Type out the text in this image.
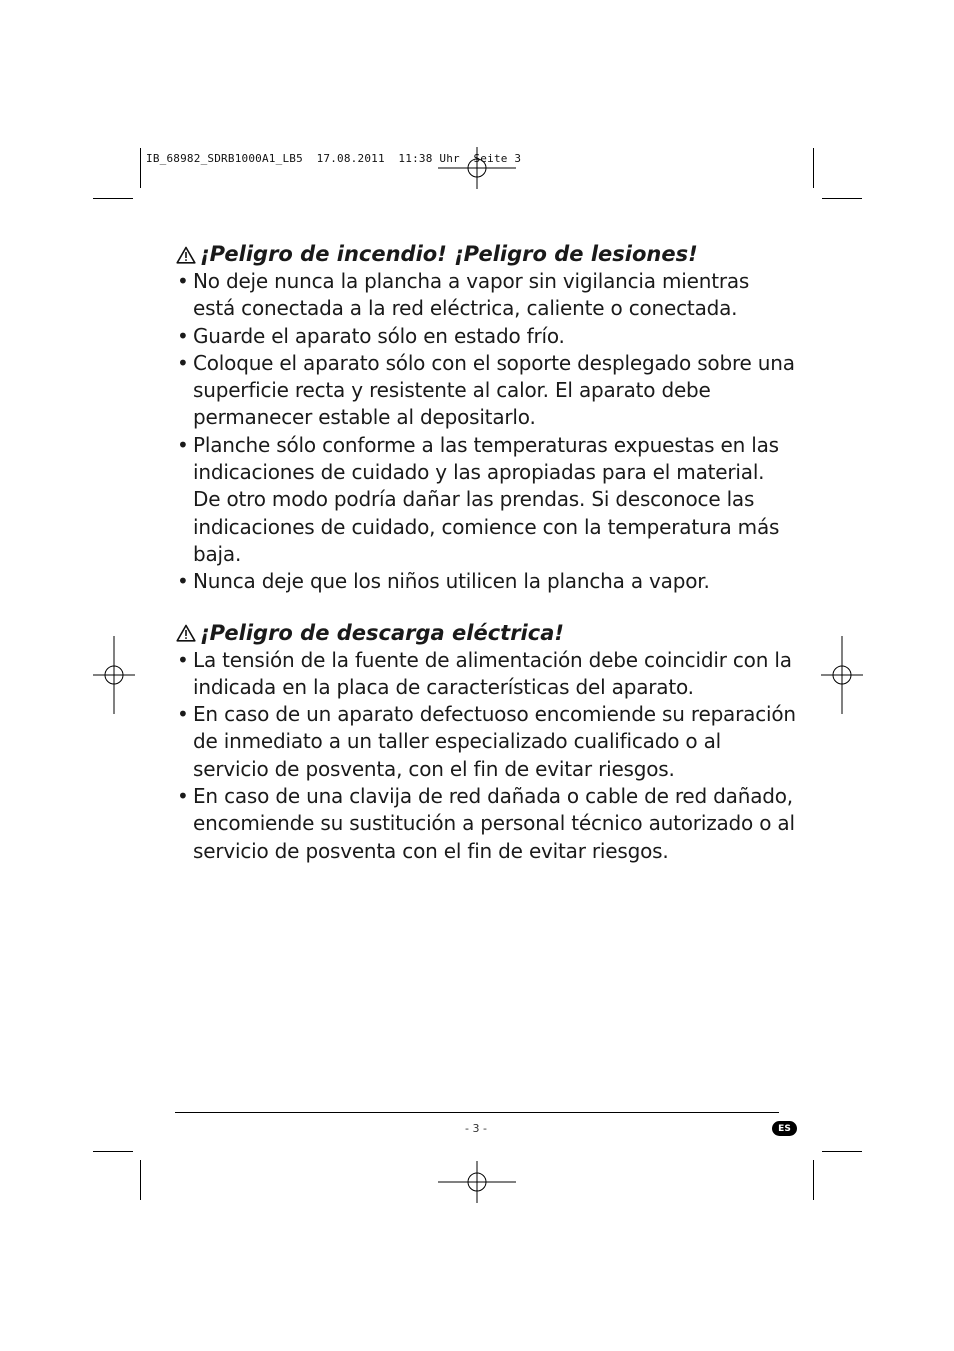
IB_68982_SDRB1000A1_LB5  17.08.2011  11:38 Uhr  Seite 3
¡Peligro de incendio! ¡Peligro de lesiones!
• No deje nunca la plancha a vapor sin vigilancia mientras está conectada a la red eléctrica, caliente o conectada.
• Guarde el aparato sólo en estado frío.
• Coloque el aparato sólo con el soporte desplegado sobre una superficie recta y resistente al calor. El aparato debe permanecer estable al depositarlo.
• Planche sólo conforme a las temperaturas expuestas en las indicaciones de cuidado y las apropiadas para el material. De otro modo podría dañar las prendas. Si desconoce las indicaciones de cuidado, comience con la temperatura más baja.
• Nunca deje que los niños utilicen la plancha a vapor.
¡Peligro de descarga eléctrica!
• La tensión de la fuente de alimentación debe coincidir con la indicada en la placa de características del aparato.
• En caso de un aparato defectuoso encomiende su reparación de inmediato a un taller especializado cualificado o al servicio de posventa, con el fin de evitar riesgos.
• En caso de una clavija de red dañada o cable de red dañado, encomiende su sustitución a personal técnico autorizado o al servicio de posventa con el fin de evitar riesgos.
- 3 -	ES
